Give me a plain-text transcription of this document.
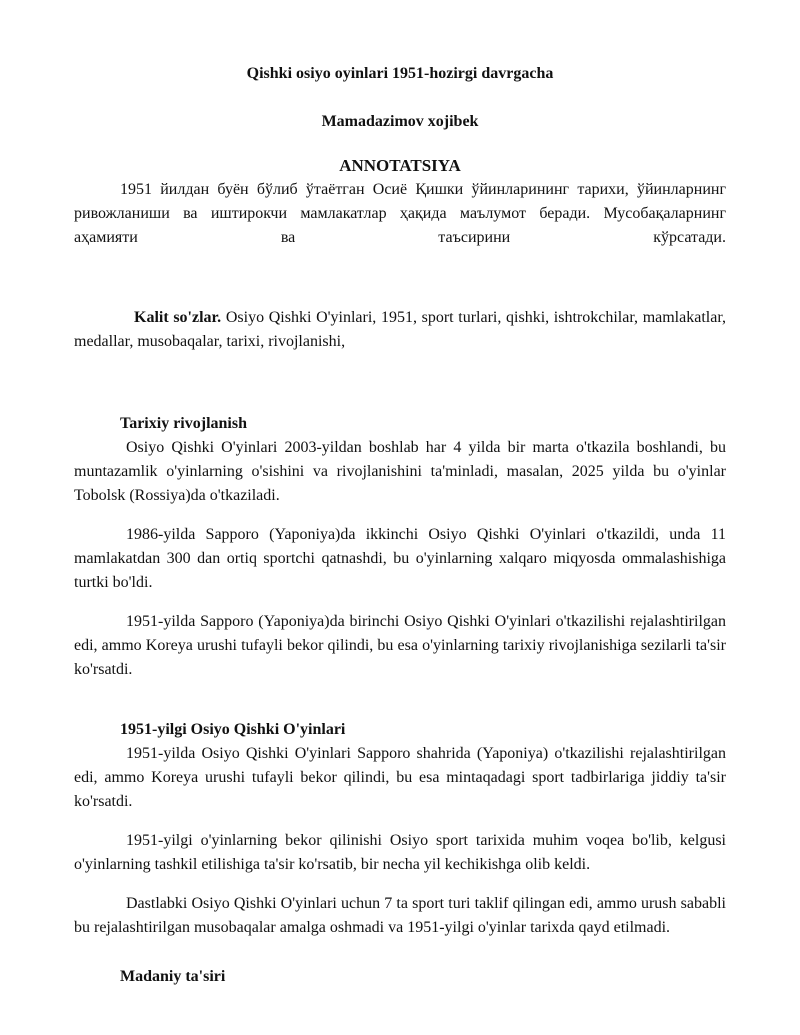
Qishki osiyo oyinlari 1951-hozirgi davrgacha
Mamadazimov xojibek
ANNOTATSIYA

1951 йилдан буён бўлиб ўтаётган Осиё Қишки ўйинларининг тарихи, ўйинларнинг ривожланиши ва иштирокчи мамлакатлар ҳақида маълумот беради. Мусобақаларнинг аҳамияти ва таъсирини кўрсатади.

Kalit so'zlar. Osiyo Qishki O'yinlari, 1951, sport turlari, qishki, ishtrokchilar, mamlakatlar, medallar, musobaqalar, tarixi, rivojlanishi,

Tarixiy rivojlanish

Osiyo Qishki O'yinlari 2003-yildan boshlab har 4 yilda bir marta o'tkazila boshlandi, bu muntazamlik o'yinlarning o'sishini va rivojlanishini ta'minladi, masalan, 2025 yilda bu o'yinlar Tobolsk (Rossiya)da o'tkaziladi.

1986-yilda Sapporo (Yaponiya)da ikkinchi Osiyo Qishki O'yinlari o'tkazildi, unda 11 mamlakatdan 300 dan ortiq sportchi qatnashdi, bu o'yinlarning xalqaro miqyosda ommalashishiga turtki bo'ldi.

1951-yilda Sapporo (Yaponiya)da birinchi Osiyo Qishki O'yinlari o'tkazilishi rejalashtirilgan edi, ammo Koreya urushi tufayli bekor qilindi, bu esa o'yinlarning tarixiy rivojlanishiga sezilarli ta'sir ko'rsatdi.

1951-yilgi Osiyo Qishki O'yinlari

1951-yilda Osiyo Qishki O'yinlari Sapporo shahrida (Yaponiya) o'tkazilishi rejalashtirilgan edi, ammo Koreya urushi tufayli bekor qilindi, bu esa mintaqadagi sport tadbirlariga jiddiy ta'sir ko'rsatdi.

1951-yilgi o'yinlarning bekor qilinishi Osiyo sport tarixida muhim voqea bo'lib, kelgusi o'yinlarning tashkil etilishiga ta'sir ko'rsatib, bir necha yil kechikishga olib keldi.

Dastlabki Osiyo Qishki O'yinlari uchun 7 ta sport turi taklif qilingan edi, ammo urush sababli bu rejalashtirilgan musobaqalar amalga oshmadi va 1951-yilgi o'yinlar tarixda qayd etilmadi.

Madaniy ta'siri
